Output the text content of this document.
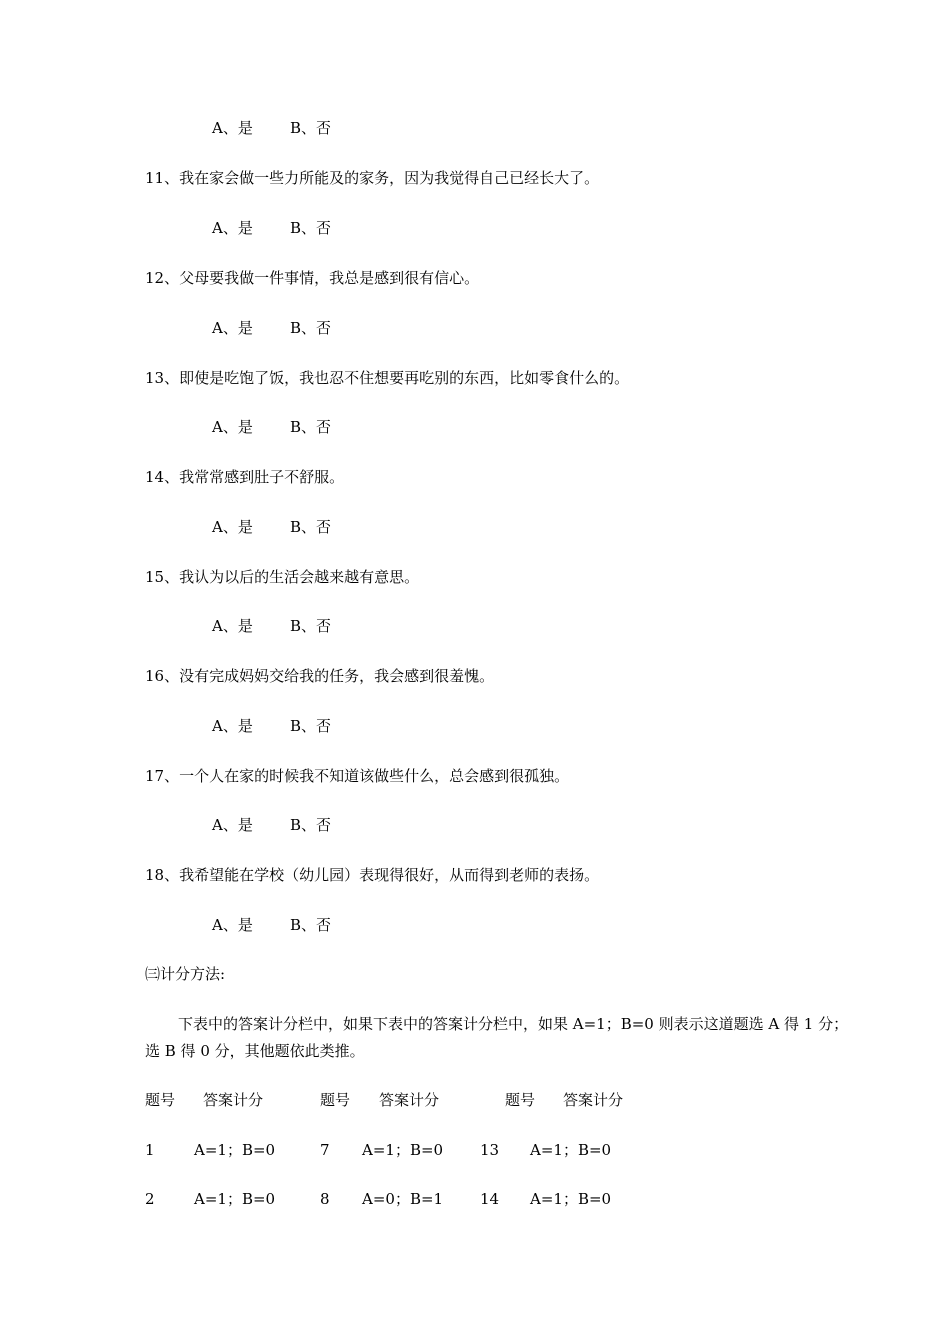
A、是 B、否
11、我在家会做一些力所能及的家务，因为我觉得自己已经长大了。
A、是 B、否
12、父母要我做一件事情，我总是感到很有信心。
A、是 B、否
13、即使是吃饱了饭，我也忍不住想要再吃别的东西，比如零食什么的。
A、是 B、否
14、我常常感到肚子不舒服。
A、是 B、否
15、我认为以后的生活会越来越有意思。
A、是 B、否
16、没有完成妈妈交给我的任务，我会感到很羞愧。
A、是 B、否
17、一个人在家的时候我不知道该做些什么，总会感到很孤独。
A、是 B、否
18、我希望能在学校（幼儿园）表现得很好，从而得到老师的表扬。
A、是 B、否
㈢计分方法:
下表中的答案计分栏中，如果下表中的答案计分栏中，如果 A=1；B=0 则表示这道题选 A 得 1 分；
选 B 得 0 分，其他题依此类推。
题号 答案计分	题号 答案计分	题号 答案计分
1	A=1；B=0	7 A=1；B=0 13 A=1；B=0
2	A=1；B=0	8 A=0；B=1 14 A=1；B=0
